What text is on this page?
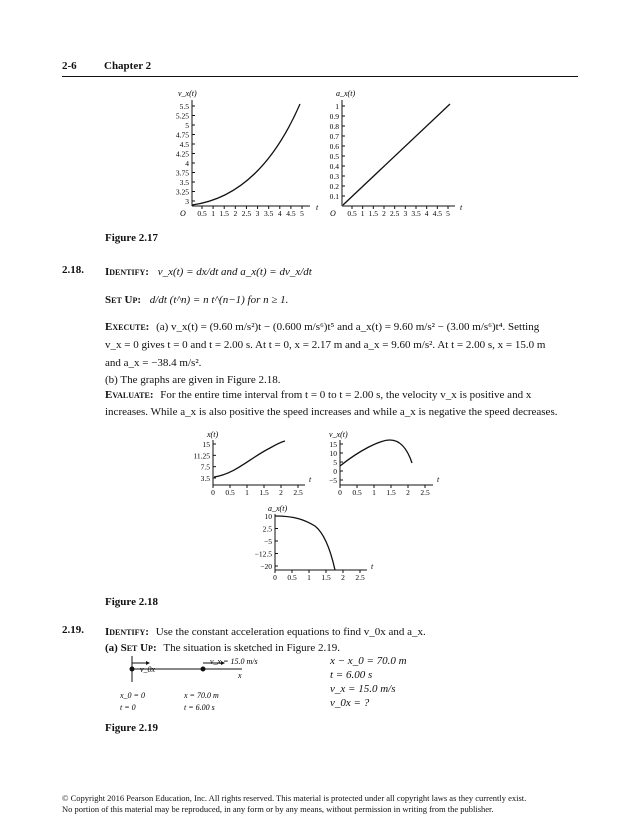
2-6 Chapter 2
v_x(t)
5.5
5.25
5
4.75
4.5
4.25
4
3.75
3.5
3.25
3
0.5 1 1.5 2 2.5 3 3.5 4 4.5 5
O
t
a_x(t)
1
0.9
0.8
0.7
0.6
0.5
0.4
0.3
0.2
0.1
0.5 1 1.5 2 2.5 3 3.5 4 4.5 5
O
t
Figure 2.17
2.18. Identify: v_x(t) = dx/dt and a_x(t) = dv_x/dt
Set Up: d/dt (t^n) = n t^(n−1) for n ≥ 1.
Execute: (a) v_x(t) = (9.60 m/s²)t − (0.600 m/s⁶)t⁵ and a_x(t) = 9.60 m/s² − (3.00 m/s⁶)t⁴. Setting
v_x = 0 gives t = 0 and t = 2.00 s. At t = 0, x = 2.17 m and a_x = 9.60 m/s². At t = 2.00 s, x = 15.0 m
and a_x = −38.4 m/s².
(b) The graphs are given in Figure 2.18.
Evaluate: For the entire time interval from t = 0 to t = 2.00 s, the velocity v_x is positive and x
increases. While a_x is also positive the speed increases and while a_x is negative the speed decreases.
x(t)
15
11.25
7.5
3.5
0 0.5 1 1.5 2 2.5
t
v_x(t)
15
10
5
0
−5
0 0.5 1 1.5 2 2.5
t
a_x(t)
10
2.5
−5
−12.5
−20
0 0.5 1 1.5 2 2.5
t
Figure 2.18
2.19. Identify: Use the constant acceleration equations to find v_0x and a_x.
(a) Set Up: The situation is sketched in Figure 2.19.
v_0x
v_x = 15.0 m/s
x
x_0 = 0
t = 0
x = 70.0 m
t = 6.00 s
x − x_0 = 70.0 m
t = 6.00 s
v_x = 15.0 m/s
v_0x = ?
Figure 2.19
© Copyright 2016 Pearson Education, Inc. All rights reserved. This material is protected under all copyright laws as they currently exist.
No portion of this material may be reproduced, in any form or by any means, without permission in writing from the publisher.
